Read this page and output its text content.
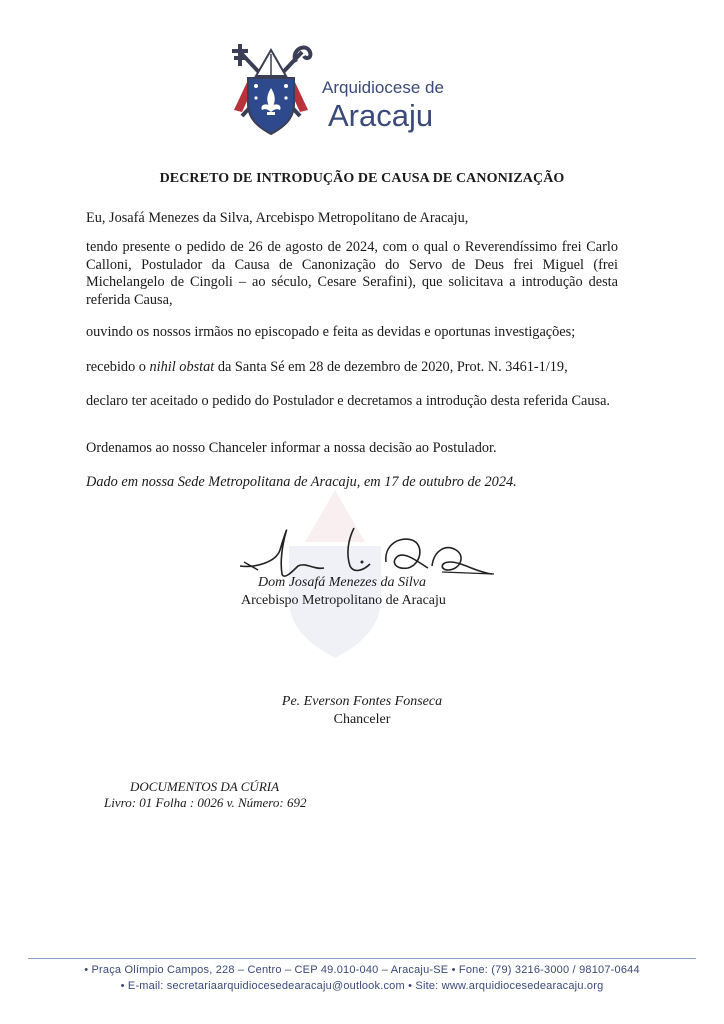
Arquidiocese de
Aracaju
DECRETO DE INTRODUÇÃO DE CAUSA DE CANONIZAÇÃO
Eu, Josafá Menezes da Silva, Arcebispo Metropolitano de Aracaju,
tendo presente o pedido de 26 de agosto de 2024, com o qual o Reverendíssimo frei Carlo Calloni, Postulador da Causa de Canonização do Servo de Deus frei Miguel (frei Michelangelo de Cingoli – ao século, Cesare Serafini), que solicitava a introdução desta referida Causa,
ouvindo os nossos irmãos no episcopado e feita as devidas e oportunas investigações;
recebido o nihil obstat da Santa Sé em 28 de dezembro de 2020, Prot. N. 3461-1/19,
declaro ter aceitado o pedido do Postulador e decretamos a introdução desta referida Causa.
Ordenamos ao nosso Chanceler informar a nossa decisão ao Postulador.
Dado em nossa Sede Metropolitana de Aracaju, em 17 de outubro de 2024.
Dom Josafá Menezes da Silva
Arcebispo Metropolitano de Aracaju
Pe. Everson Fontes Fonseca
Chanceler
DOCUMENTOS DA CÚRIA
Livro: 01 Folha : 0026 v. Número: 692
• Praça Olímpio Campos, 228 – Centro – CEP 49.010-040 – Aracaju-SE • Fone: (79) 3216-3000 / 98107-0644
• E-mail: secretariaarquidiocesedearacaju@outlook.com • Site: www.arquidiocesedearacaju.org
